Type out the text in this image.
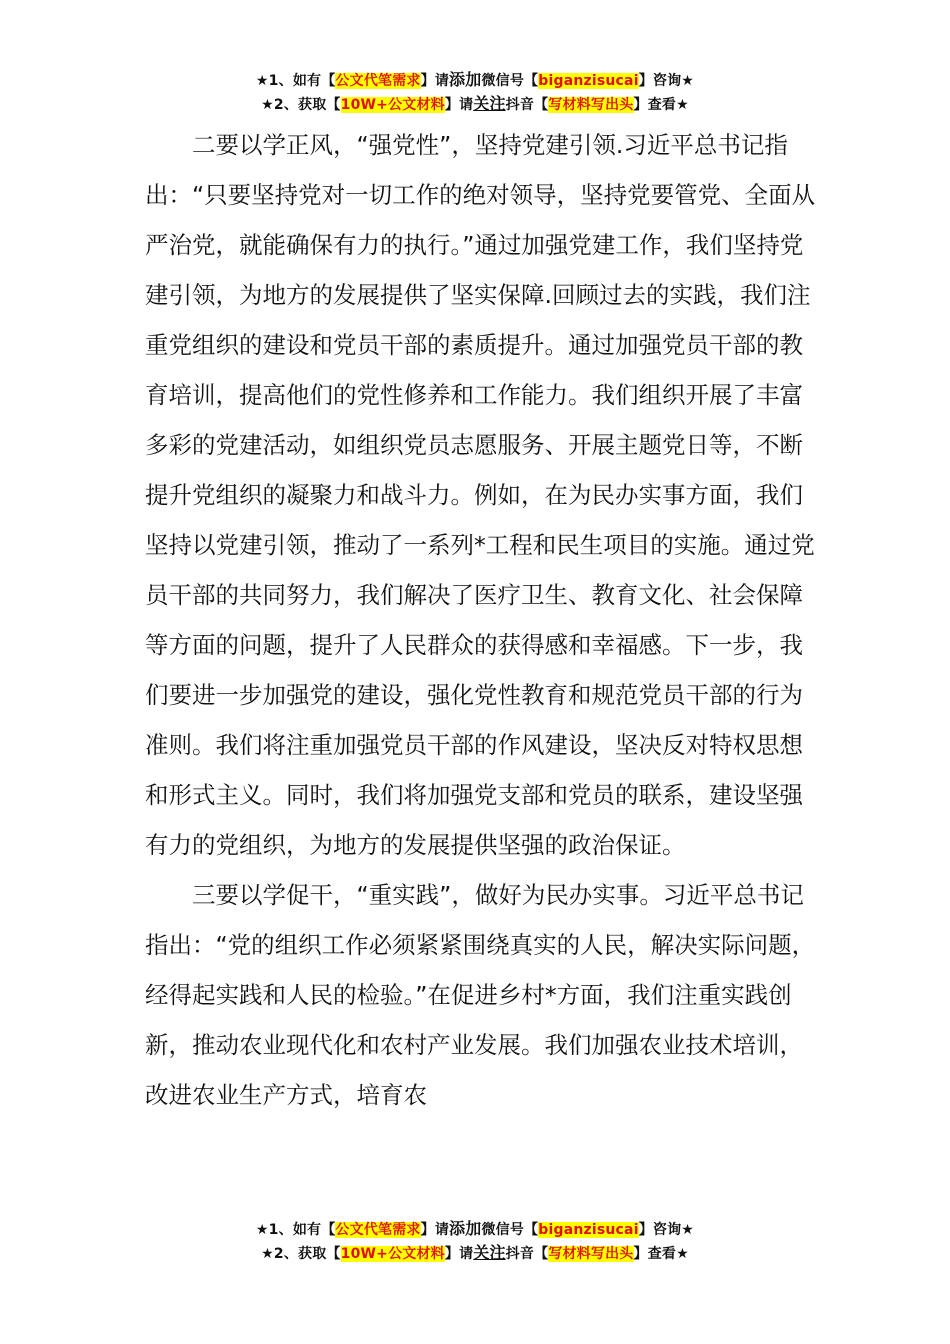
★1、如有【公文代笔需求】请添加微信号【biganzisucai】咨询★
★2、获取【10W+公文材料】请关注抖音【写材料写出头】查看★

二要以学正风，“强党性”，坚持党建引领.习近平总书记指出：“只要坚持党对一切工作的绝对领导，坚持党要管党、全面从严治党，就能确保有力的执行。”通过加强党建工作，我们坚持党建引领，为地方的发展提供了坚实保障.回顾过去的实践，我们注重党组织的建设和党员干部的素质提升。通过加强党员干部的教育培训，提高他们的党性修养和工作能力。我们组织开展了丰富多彩的党建活动，如组织党员志愿服务、开展主题党日等，不断提升党组织的凝聚力和战斗力。例如，在为民办实事方面，我们坚持以党建引领，推动了一系列*工程和民生项目的实施。通过党员干部的共同努力，我们解决了医疗卫生、教育文化、社会保障等方面的问题，提升了人民群众的获得感和幸福感。下一步，我们要进一步加强党的建设，强化党性教育和规范党员干部的行为准则。我们将注重加强党员干部的作风建设，坚决反对特权思想和形式主义。同时，我们将加强党支部和党员的联系，建设坚强有力的党组织，为地方的发展提供坚强的政治保证。

三要以学促干，“重实践”，做好为民办实事。习近平总书记指出：“党的组织工作必须紧紧围绕真实的人民，解决实际问题，经得起实践和人民的检验。”在促进乡村*方面，我们注重实践创新，推动农业现代化和农村产业发展。我们加强农业技术培训，改进农业生产方式，培育农

★1、如有【公文代笔需求】请添加微信号【biganzisucai】咨询★
★2、获取【10W+公文材料】请关注抖音【写材料写出头】查看★
